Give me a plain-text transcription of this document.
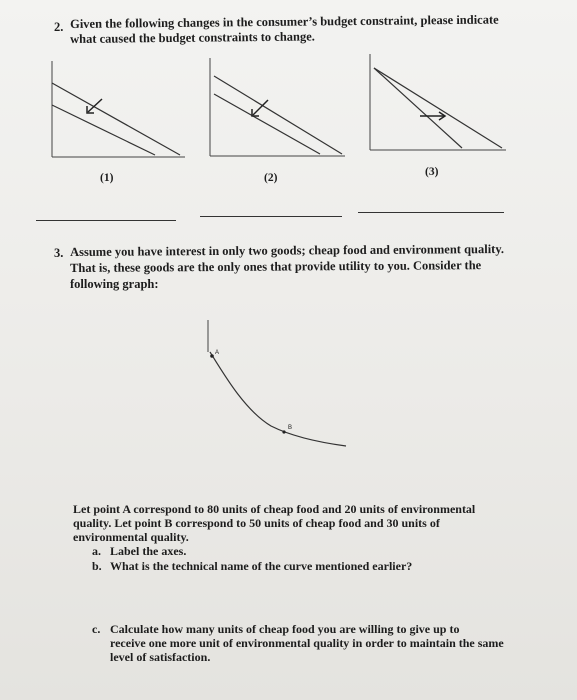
2. Given the following changes in the consumer’s budget constraint, please indicate
what caused the budget constraints to change.
(1)	(2)	(3)
3. Assume you have interest in only two goods; cheap food and environment quality.
That is, these goods are the only ones that provide utility to you. Consider the
following graph:
A
B
Let point A correspond to 80 units of cheap food and 20 units of environmental
quality. Let point B correspond to 50 units of cheap food and 30 units of
environmental quality.
a. Label the axes.
b. What is the technical name of the curve mentioned earlier?
c. Calculate how many units of cheap food you are willing to give up to
receive one more unit of environmental quality in order to maintain the same
level of satisfaction.
